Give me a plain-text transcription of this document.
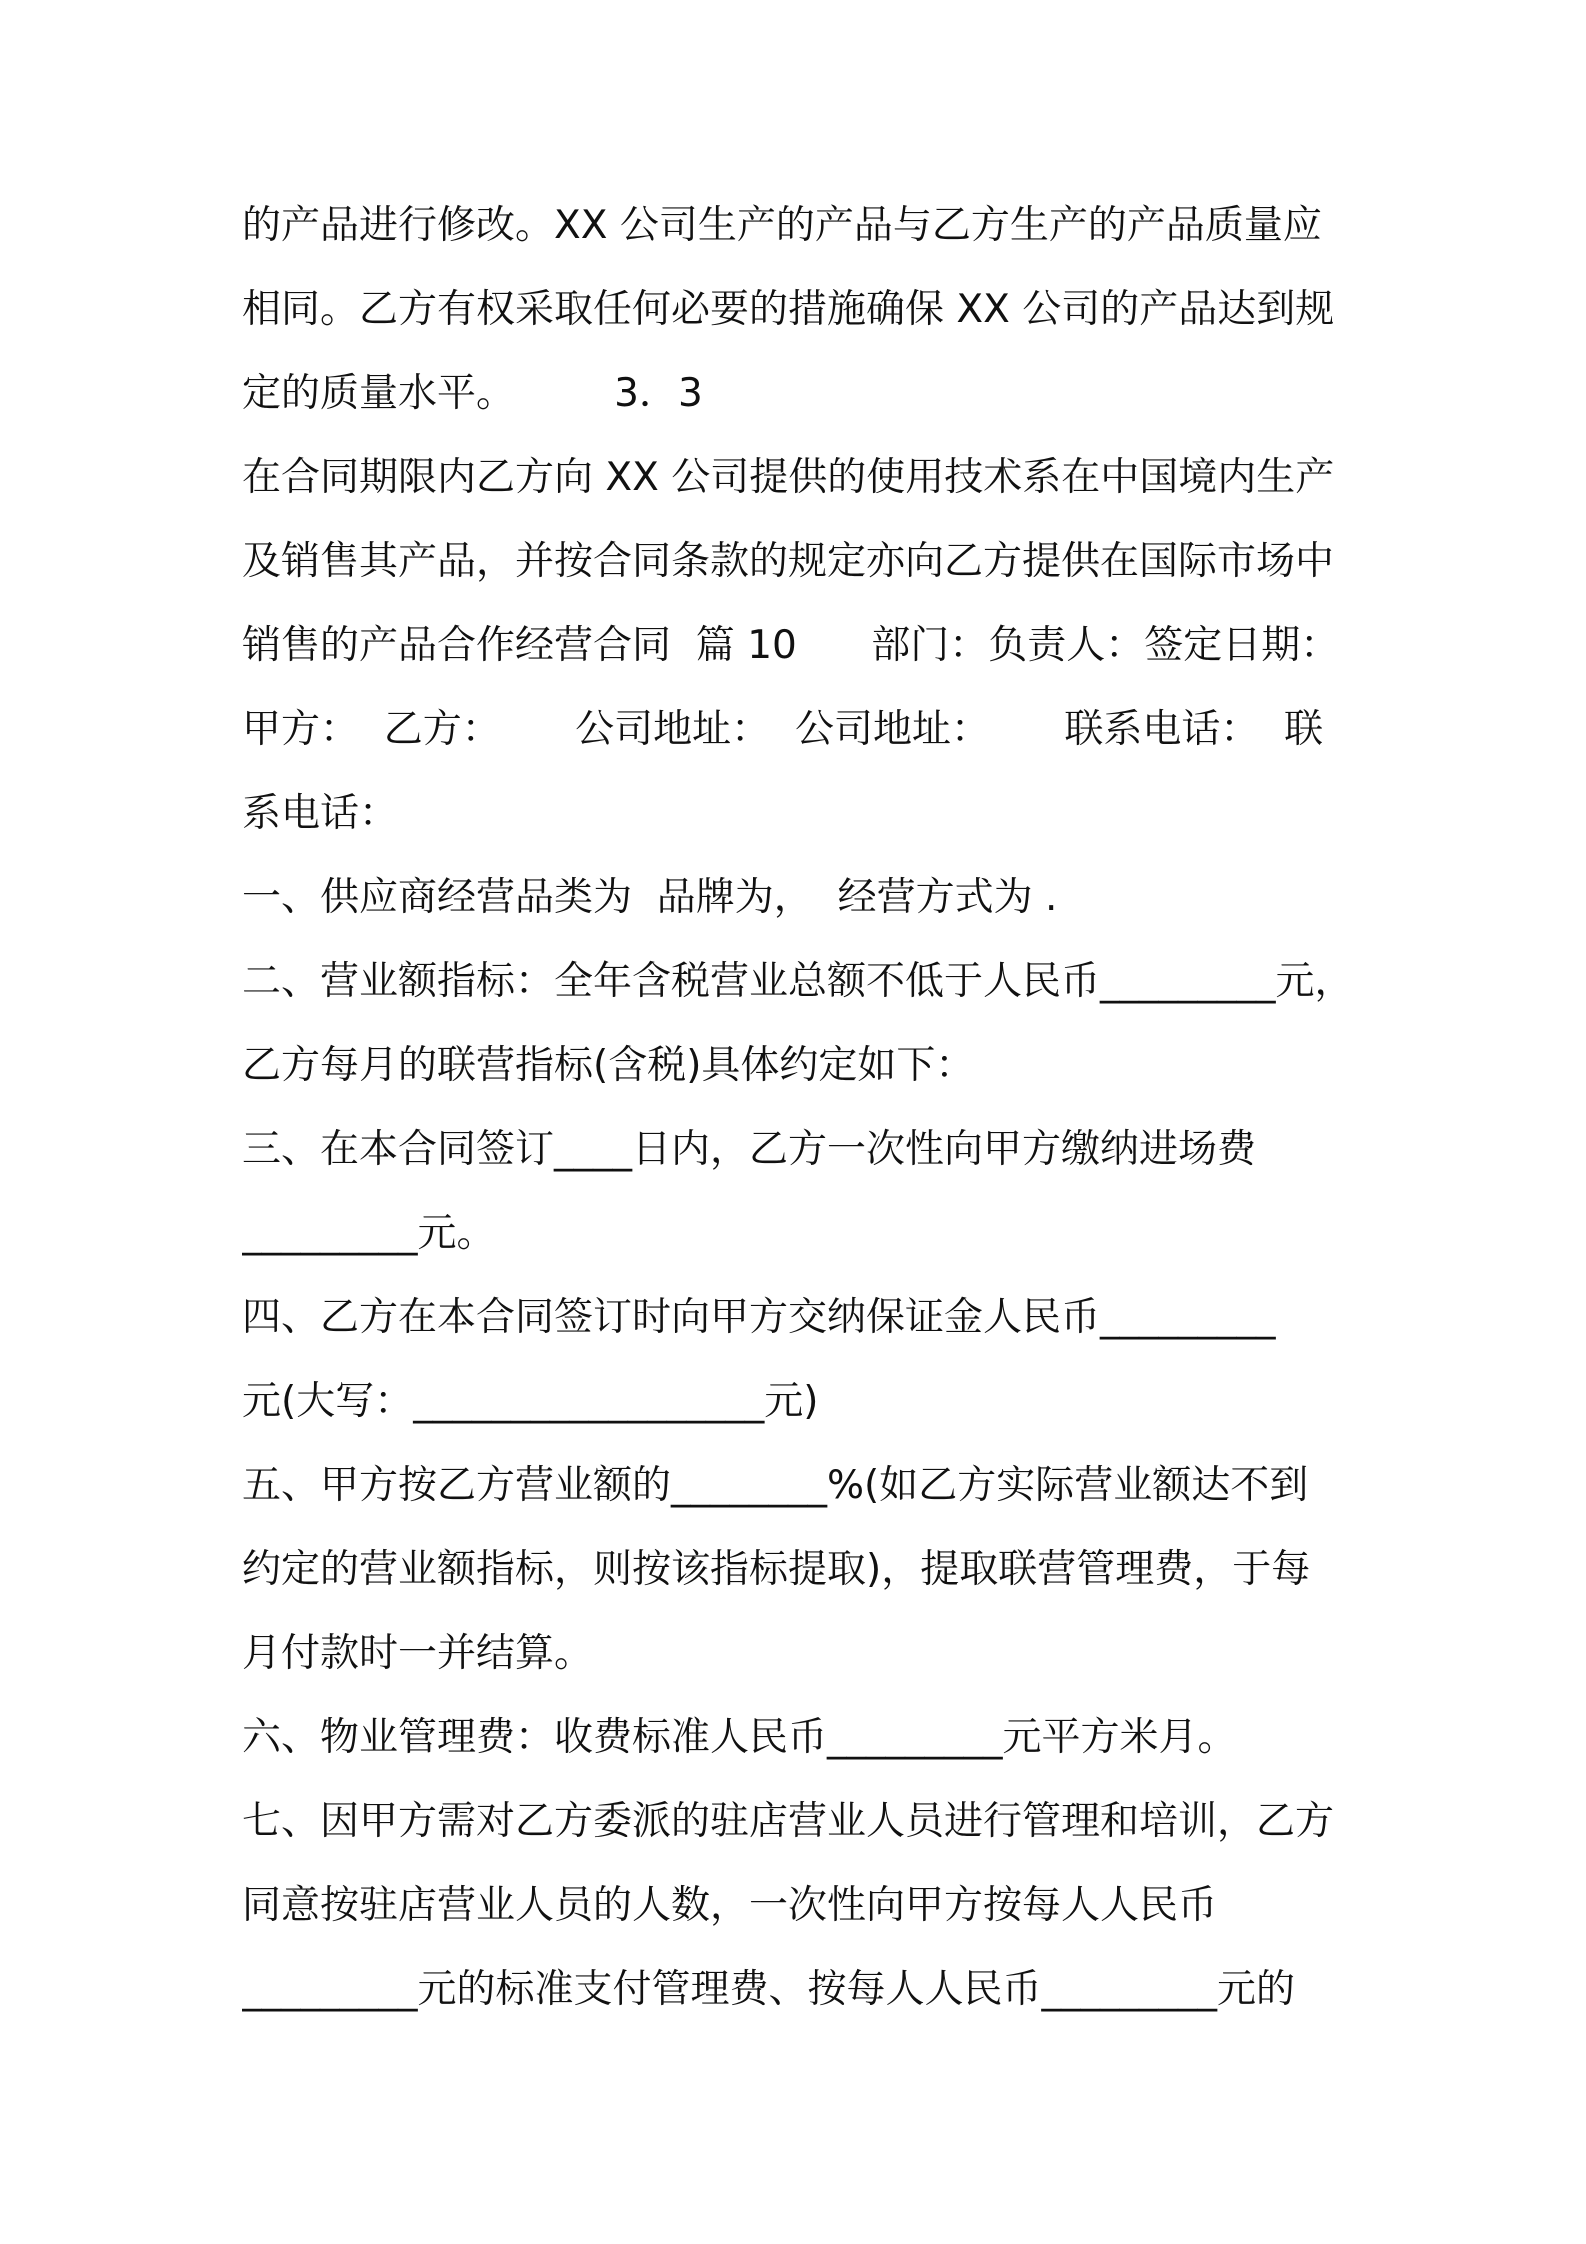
的产品进行修改。XX 公司生产的产品与乙方生产的产品质量应
相同。乙方有权采取任何必要的措施确保 XX 公司的产品达到规
定的质量水平。        3．3
在合同期限内乙方向 XX 公司提供的使用技术系在中国境内生产
及销售其产品，并按合同条款的规定亦向乙方提供在国际市场中
销售的产品合作经营合同  篇 10      部门：负责人：签定日期：
甲方：  乙方：      公司地址：  公司地址：      联系电话：  联
系电话：
一、供应商经营品类为  品牌为，  经营方式为 .
二、营业额指标：全年含税营业总额不低于人民币_________元，
乙方每月的联营指标(含税)具体约定如下：
三、在本合同签订____日内，乙方一次性向甲方缴纳进场费
_________元。
四、乙方在本合同签订时向甲方交纳保证金人民币_________
元(大写：__________________元)
五、甲方按乙方营业额的________%(如乙方实际营业额达不到
约定的营业额指标，则按该指标提取)，提取联营管理费，于每
月付款时一并结算。
六、物业管理费：收费标准人民币_________元平方米月。
七、因甲方需对乙方委派的驻店营业人员进行管理和培训，乙方
同意按驻店营业人员的人数，一次性向甲方按每人人民币
_________元的标准支付管理费、按每人人民币_________元的
